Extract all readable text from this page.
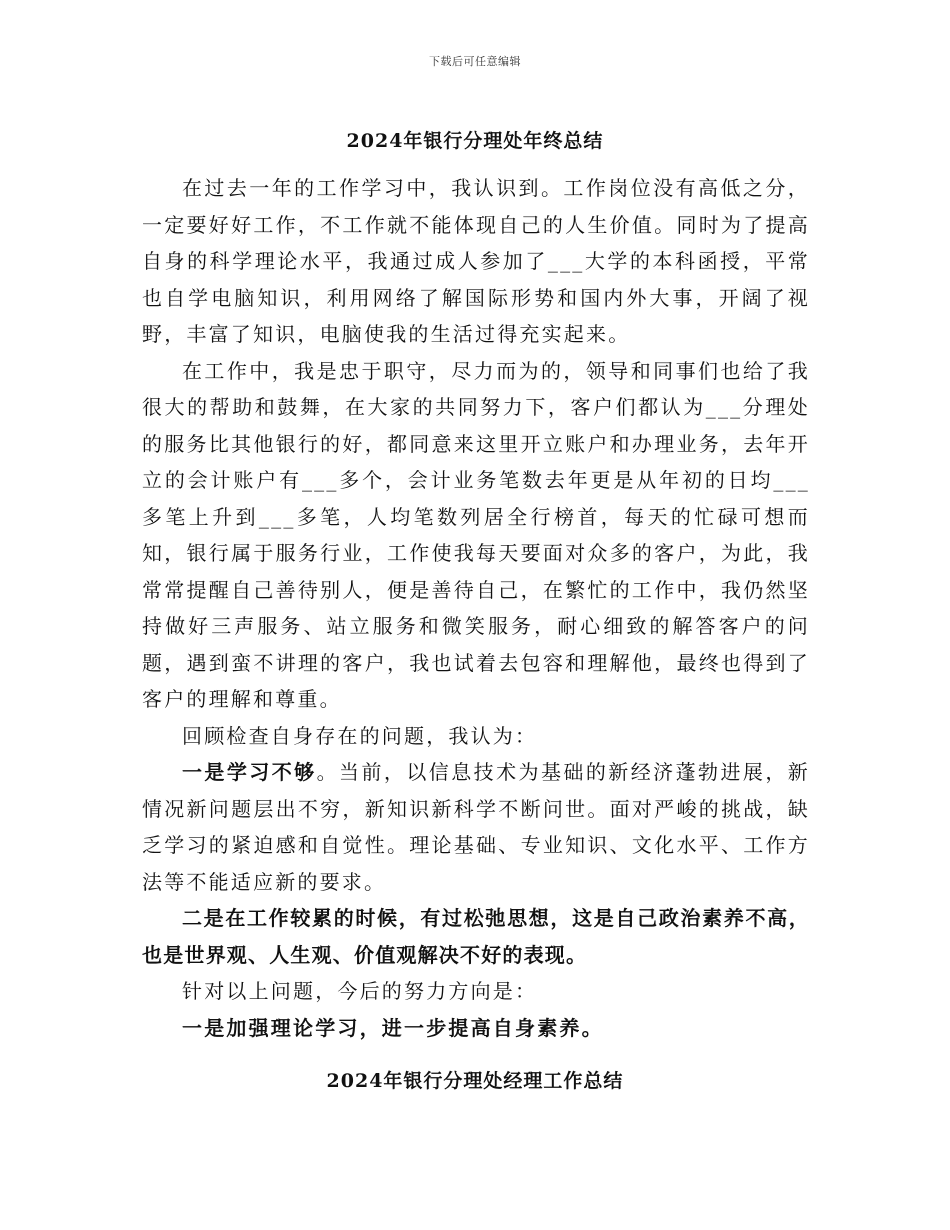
下载后可任意编辑
2024年银行分理处年终总结

在过去一年的工作学习中，我认识到。工作岗位没有高低之分，一定要好好工作，不工作就不能体现自己的人生价值。同时为了提高自身的科学理论水平，我通过成人参加了___大学的本科函授，平常也自学电脑知识，利用网络了解国际形势和国内外大事，开阔了视野，丰富了知识，电脑使我的生活过得充实起来。

在工作中，我是忠于职守，尽力而为的，领导和同事们也给了我很大的帮助和鼓舞，在大家的共同努力下，客户们都认为___分理处的服务比其他银行的好，都同意来这里开立账户和办理业务，去年开立的会计账户有___多个，会计业务笔数去年更是从年初的日均___多笔上升到___多笔，人均笔数列居全行榜首，每天的忙碌可想而知，银行属于服务行业，工作使我每天要面对众多的客户，为此，我常常提醒自己善待别人，便是善待自己，在繁忙的工作中，我仍然坚持做好三声服务、站立服务和微笑服务，耐心细致的解答客户的问题，遇到蛮不讲理的客户，我也试着去包容和理解他，最终也得到了客户的理解和尊重。

回顾检查自身存在的问题，我认为：

一是学习不够。当前，以信息技术为基础的新经济蓬勃进展，新情况新问题层出不穷，新知识新科学不断问世。面对严峻的挑战，缺乏学习的紧迫感和自觉性。理论基础、专业知识、文化水平、工作方法等不能适应新的要求。

二是在工作较累的时候，有过松弛思想，这是自己政治素养不高，也是世界观、人生观、价值观解决不好的表现。

针对以上问题，今后的努力方向是：

一是加强理论学习，进一步提高自身素养。

2024年银行分理处经理工作总结
